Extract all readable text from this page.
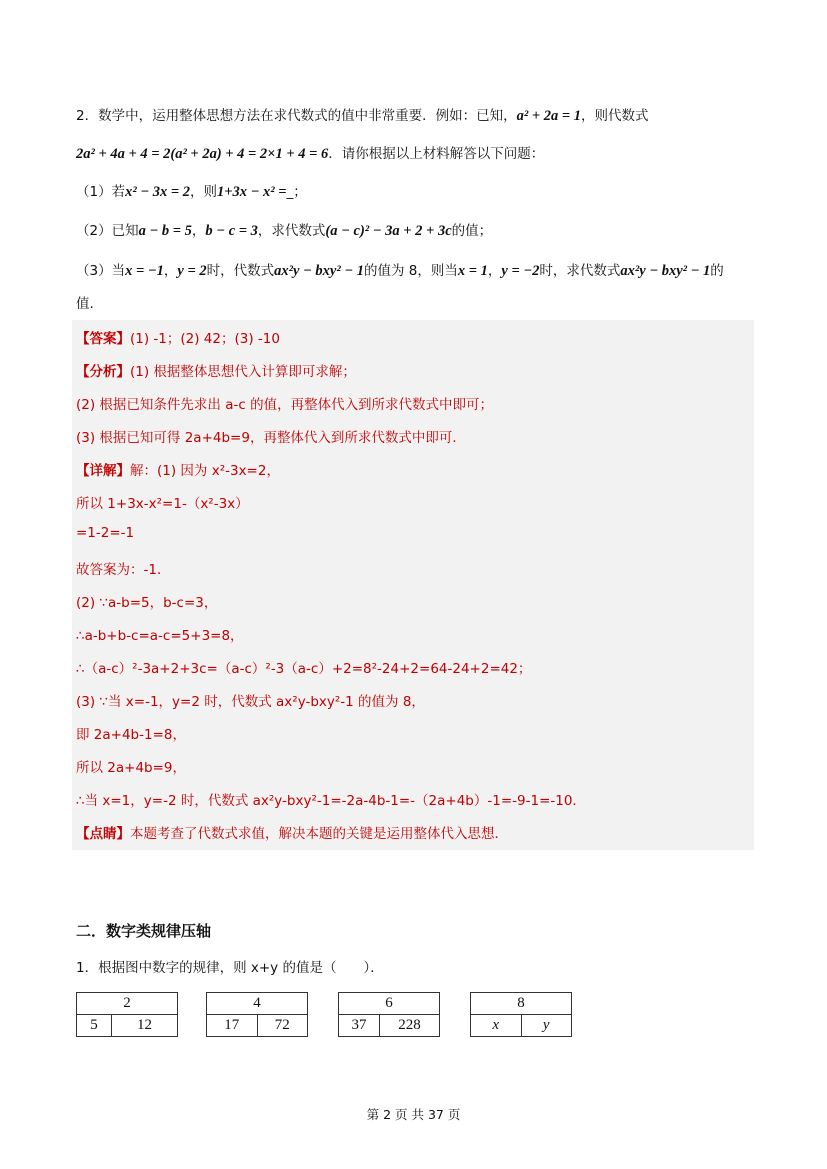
2．数学中，运用整体思想方法在求代数式的值中非常重要．例如：已知，a² + 2a = 1，则代数式
2a² + 4a + 4 = 2(a² + 2a) + 4 = 2×1 + 4 = 6．请你根据以上材料解答以下问题：
（1）若x² − 3x = 2，则1+3x − x² =_；
（2）已知a − b = 5，b − c = 3，求代数式(a − c)² − 3a + 2 + 3c的值；
（3）当x = −1，y = 2时，代数式ax²y − bxy² − 1的值为 8，则当x = 1，y = −2时，求代数式ax²y − bxy² − 1的
值.
【答案】(1) -1；(2) 42；(3) -10
【分析】(1) 根据整体思想代入计算即可求解；
(2) 根据已知条件先求出 a-c 的值，再整体代入到所求代数式中即可；
(3) 根据已知可得 2a+4b=9，再整体代入到所求代数式中即可．
【详解】解：(1) 因为 x²-3x=2，
所以 1+3x-x²=1-（x²-3x）
=1-2=-1
故答案为：-1．
(2) ∵a-b=5，b-c=3，
∴a-b+b-c=a-c=5+3=8，
∴（a-c）²-3a+2+3c=（a-c）²-3（a-c）+2=8²-24+2=64-24+2=42；
(3) ∵当 x=-1，y=2 时，代数式 ax²y-bxy²-1 的值为 8，
即 2a+4b-1=8，
所以 2a+4b=9，
∴当 x=1，y=-2 时，代数式 ax²y-bxy²-1=-2a-4b-1=-（2a+4b）-1=-9-1=-10．
【点睛】本题考查了代数式求值，解决本题的关键是运用整体代入思想．
二．数字类规律压轴
1．根据图中数字的规律，则 x+y 的值是（　　）．
2
5	12
4
17	72
6
37	228
8
x	y
第 2 页 共 37 页
